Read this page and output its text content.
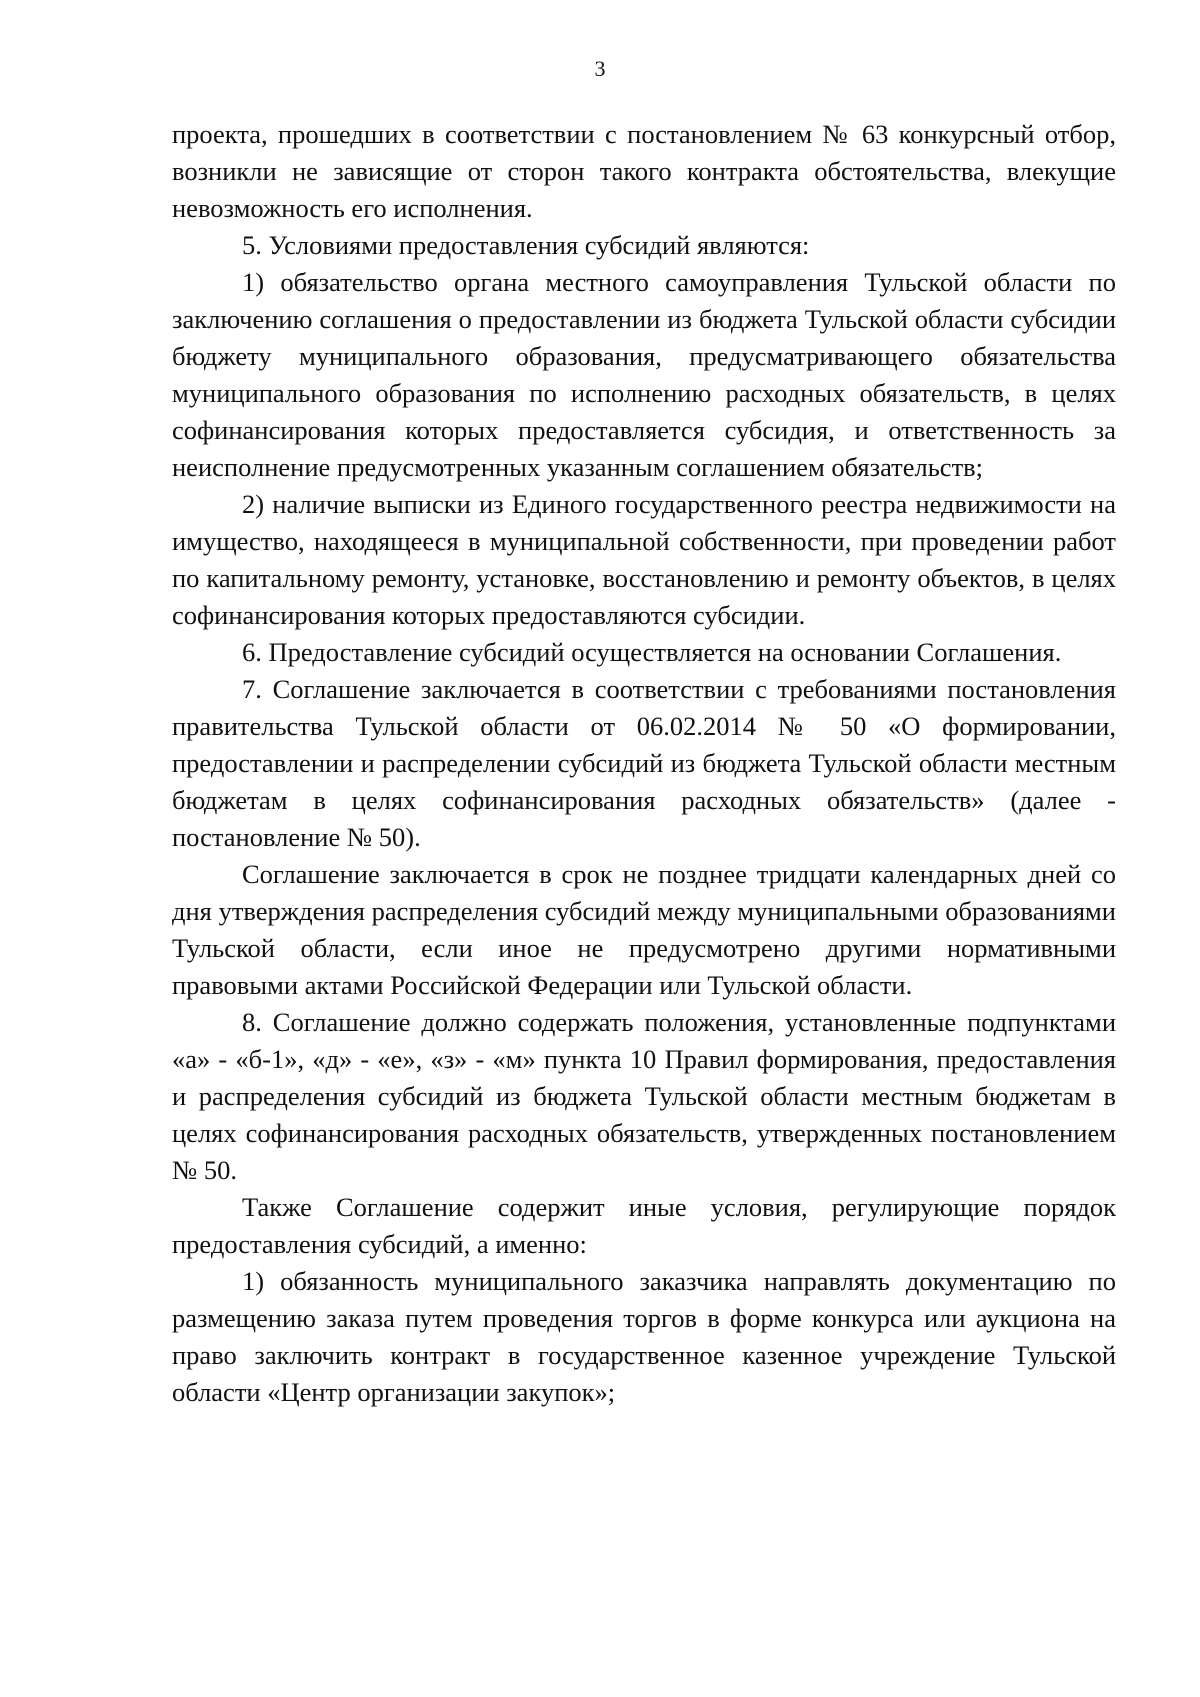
3

проекта, прошедших в соответствии с постановлением № 63 конкурсный отбор, возникли не зависящие от сторон такого контракта обстоятельства, влекущие невозможность его исполнения.

5. Условиями предоставления субсидий являются:

1) обязательство органа местного самоуправления Тульской области по заключению соглашения о предоставлении из бюджета Тульской области субсидии бюджету муниципального образования, предусматривающего обязательства муниципального образования по исполнению расходных обязательств, в целях софинансирования которых предоставляется субсидия, и ответственность за неисполнение предусмотренных указанным соглашением обязательств;

2) наличие выписки из Единого государственного реестра недвижимости на имущество, находящееся в муниципальной собственности, при проведении работ по капитальному ремонту, установке, восстановлению и ремонту объектов, в целях софинансирования которых предоставляются субсидии.

6. Предоставление субсидий осуществляется на основании Соглашения.

7. Соглашение заключается в соответствии с требованиями постановления правительства Тульской области от 06.02.2014 № 50 «О формировании, предоставлении и распределении субсидий из бюджета Тульской области местным бюджетам в целях софинансирования расходных обязательств» (далее - постановление № 50).

Соглашение заключается в срок не позднее тридцати календарных дней со дня утверждения распределения субсидий между муниципальными образованиями Тульской области, если иное не предусмотрено другими нормативными правовыми актами Российской Федерации или Тульской области.

8. Соглашение должно содержать положения, установленные подпунктами «а» - «б-1», «д» - «е», «з» - «м» пункта 10 Правил формирования, предоставления и распределения субсидий из бюджета Тульской области местным бюджетам в целях софинансирования расходных обязательств, утвержденных постановлением № 50.

Также Соглашение содержит иные условия, регулирующие порядок предоставления субсидий, а именно:

1) обязанность муниципального заказчика направлять документацию по размещению заказа путем проведения торгов в форме конкурса или аукциона на право заключить контракт в государственное казенное учреждение Тульской области «Центр организации закупок»;
